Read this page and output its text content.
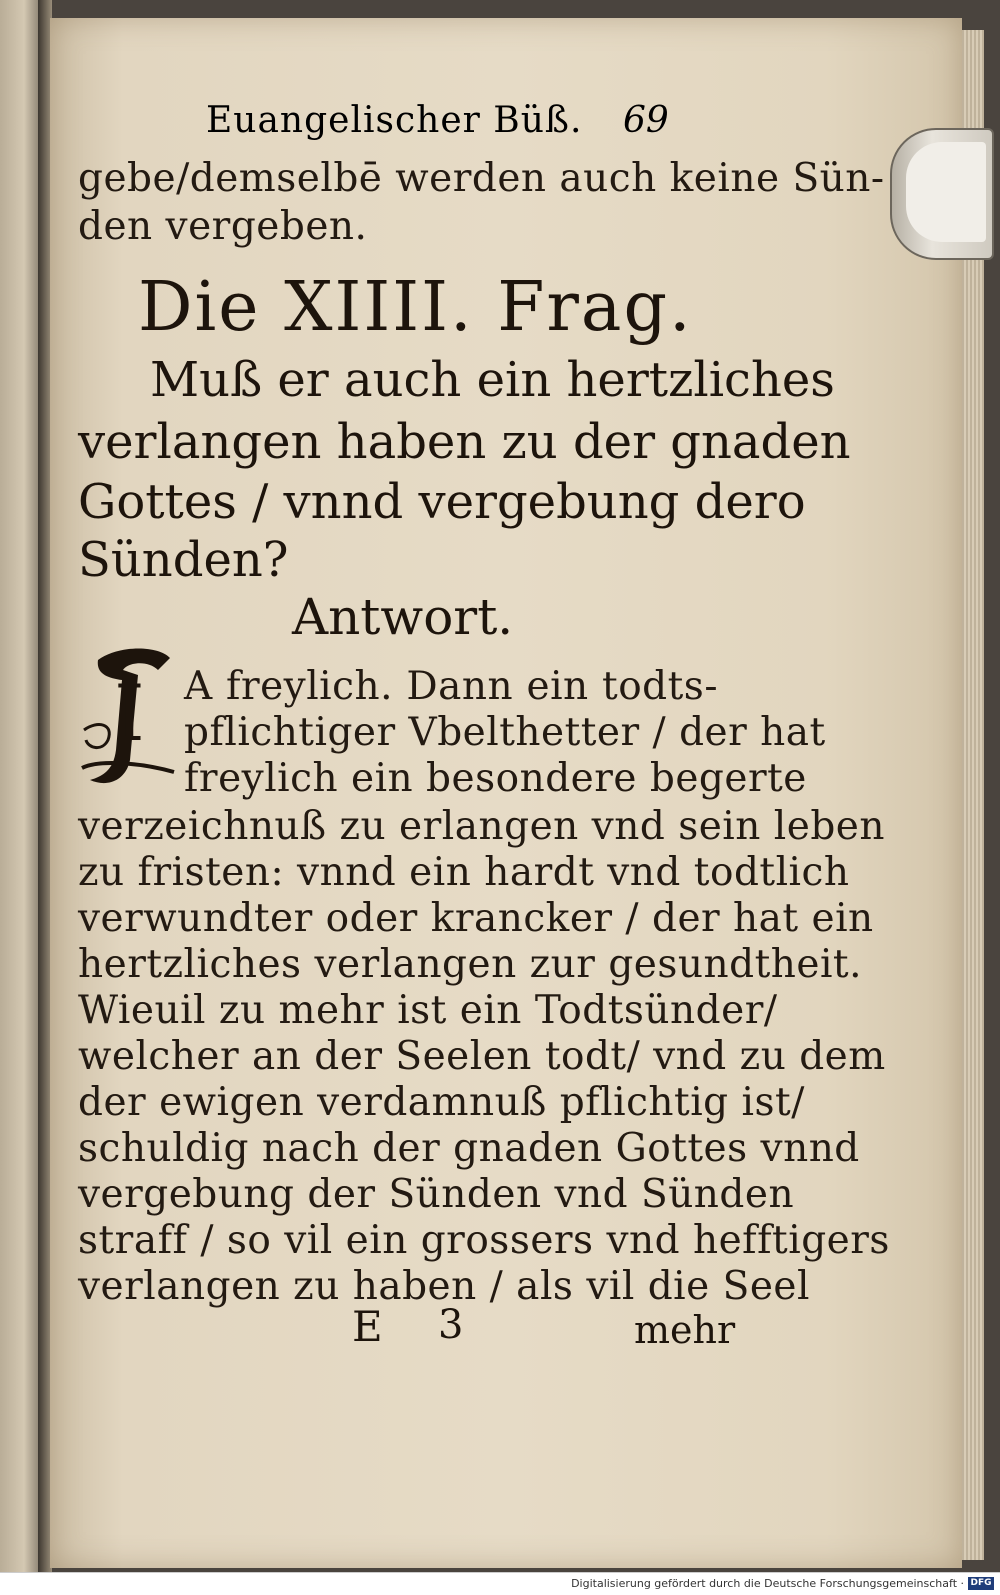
Euangelischer Büß. 69
gebe/demselbē werden auch keine Sün-
den vergeben.
Die XIIII. Frag.
Muß er auch ein hertzliches
verlangen haben zu der gnaden
Gottes / vnnd vergebung dero
Sünden?
Antwort.
I A freylich. Dann ein todts-
pflichtiger Vbelthetter / der hat
freylich ein besondere begerte
verzeichnuß zu erlangen vnd sein leben
zu fristen: vnnd ein hardt vnd todtlich
verwundter oder krancker / der hat ein
hertzliches verlangen zur gesundtheit.
Wieuil zu mehr ist ein Todtsünder/
welcher an der Seelen todt/ vnd zu dem
der ewigen verdamnuß pflichtig ist/
schuldig nach der gnaden Gottes vnnd
vergebung der Sünden vnd Sünden
straff / so vil ein grossers vnd hefftigers
verlangen zu haben / als vil die Seel
E 3	mehr
Digitalisierung gefördert durch die Deutsche Forschungsgemeinschaft · DFG
